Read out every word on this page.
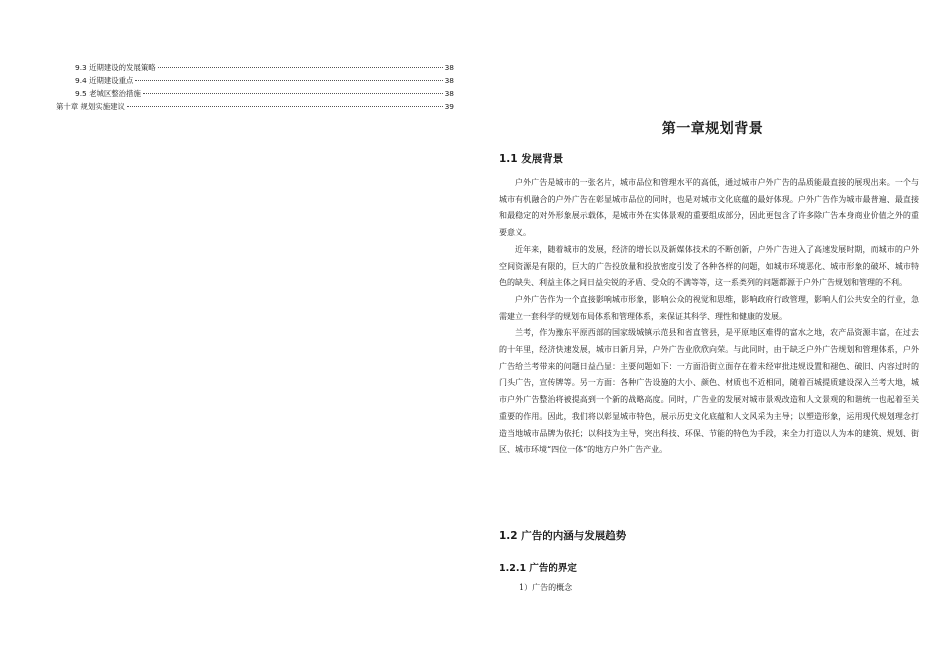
9.3 近期建设的发展策略	38
9.4 近期建设重点	38
9.5 老城区整治措施	38
第十章 规划实施建议	39
第一章规划背景
1.1 发展背景

户外广告是城市的一张名片，城市品位和管理水平的高低，通过城市户外广告的品质能最直接的展现出来。一个与城市有机融合的户外广告在彰显城市品位的同时，也是对城市文化底蕴的最好体现。户外广告作为城市最普遍、最直接和最稳定的对外形象展示载体，是城市外在实体景观的重要组成部分，因此更包含了许多除广告本身商业价值之外的重要意义。

近年来，随着城市的发展，经济的增长以及新媒体技术的不断创新，户外广告进入了高速发展时期，而城市的户外空间资源是有限的，巨大的广告投放量和投放密度引发了各种各样的问题，如城市环境恶化、城市形象的破坏、城市特色的缺失、利益主体之间日益尖锐的矛盾、受众的不满等等，这一系类列的问题都源于户外广告规划和管理的不利。

户外广告作为一个直接影响城市形象，影响公众的视觉和思维，影响政府行政管理，影响人们公共安全的行业，急需建立一套科学的规划布局体系和管理体系，来保证其科学、理性和健康的发展。

兰考，作为豫东平原西部的国家级城镇示范县和省直管县，是平原地区难得的富水之地，农产品资源丰富，在过去的十年里，经济快速发展，城市日新月异，户外广告业欣欣向荣。与此同时，由于缺乏户外广告规划和管理体系，户外广告给兰考带来的问题日益凸显：主要问题如下：一方面沿街立面存在着未经审批违规设置和褪色、破旧、内容过时的门头广告，宣传牌等。另一方面：各种广告设施的大小、颜色、材质也不近相同，随着百城提质建设深入兰考大地，城市户外广告整治将被提高到一个新的战略高度。同时，广告业的发展对城市景观改造和人文景观的和谐统一也起着至关重要的作用。因此，我们将以彰显城市特色，展示历史文化底蕴和人文风采为主导；以塑造形象，运用现代规划理念打造当地城市品牌为依托；以科技为主导，突出科技、环保、节能的特色为手段，来全力打造以人为本的建筑、规划、街区、城市环境“四位一体”的地方户外广告产业。

1.2 广告的内涵与发展趋势
1.2.1 广告的界定
1）广告的概念
